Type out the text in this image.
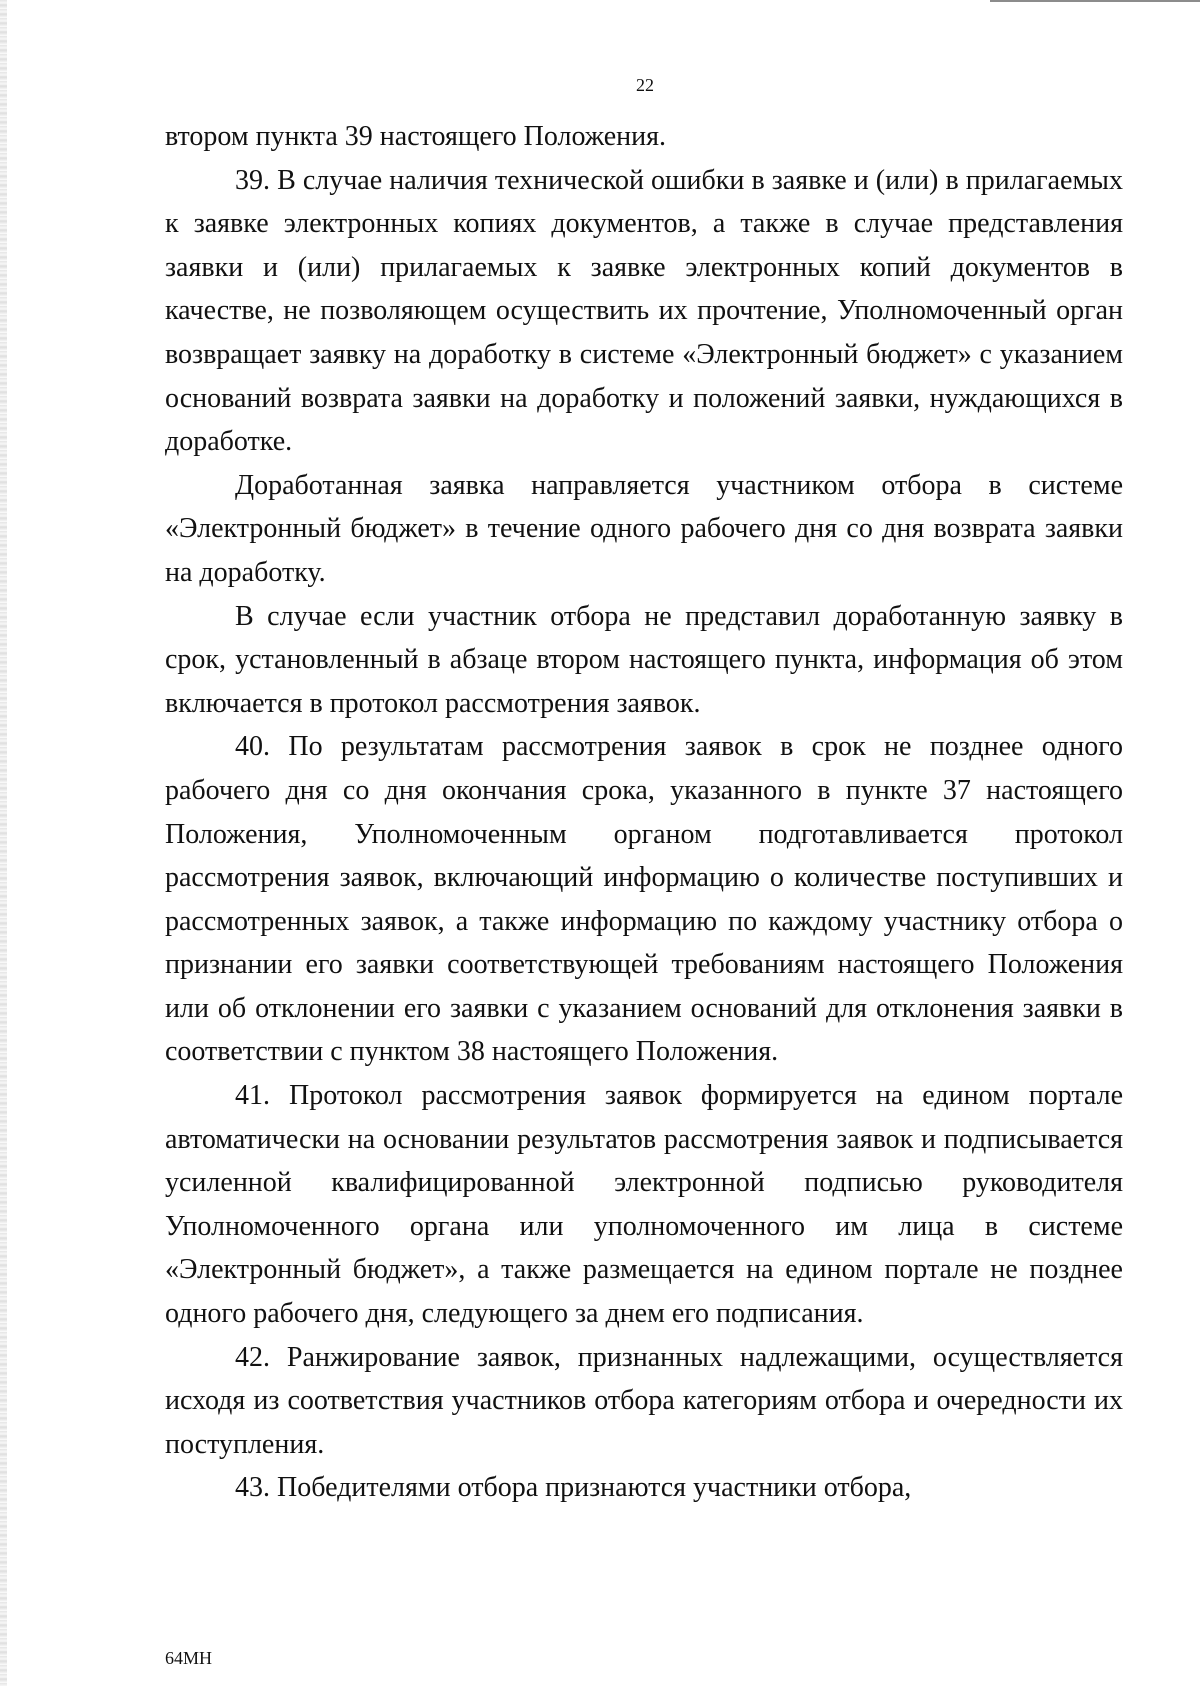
22

втором пункта 39 настоящего Положения.

39. В случае наличия технической ошибки в заявке и (или) в прилагаемых к заявке электронных копиях документов, а также в случае представления заявки и (или) прилагаемых к заявке электронных копий документов в качестве, не позволяющем осуществить их прочтение, Уполномоченный орган возвращает заявку на доработку в системе «Электронный бюджет» с указанием оснований возврата заявки на доработку и положений заявки, нуждающихся в доработке.

Доработанная заявка направляется участником отбора в системе «Электронный бюджет» в течение одного рабочего дня со дня возврата заявки на доработку.

В случае если участник отбора не представил доработанную заявку в срок, установленный в абзаце втором настоящего пункта, информация об этом включается в протокол рассмотрения заявок.

40. По результатам рассмотрения заявок в срок не позднее одного рабочего дня со дня окончания срока, указанного в пункте 37 настоящего Положения, Уполномоченным органом подготавливается протокол рассмотрения заявок, включающий информацию о количестве поступивших и рассмотренных заявок, а также информацию по каждому участнику отбора о признании его заявки соответствующей требованиям настоящего Положения или об отклонении его заявки с указанием оснований для отклонения заявки в соответствии с пунктом 38 настоящего Положения.

41. Протокол рассмотрения заявок формируется на едином портале автоматически на основании результатов рассмотрения заявок и подписывается усиленной квалифицированной электронной подписью руководителя Уполномоченного органа или уполномоченного им лица в системе «Электронный бюджет», а также размещается на едином портале не позднее одного рабочего дня, следующего за днем его подписания.

42. Ранжирование заявок, признанных надлежащими, осуществляется исходя из соответствия участников отбора категориям отбора и очередности их поступления.

43. Победителями отбора признаются участники отбора,

64МН
